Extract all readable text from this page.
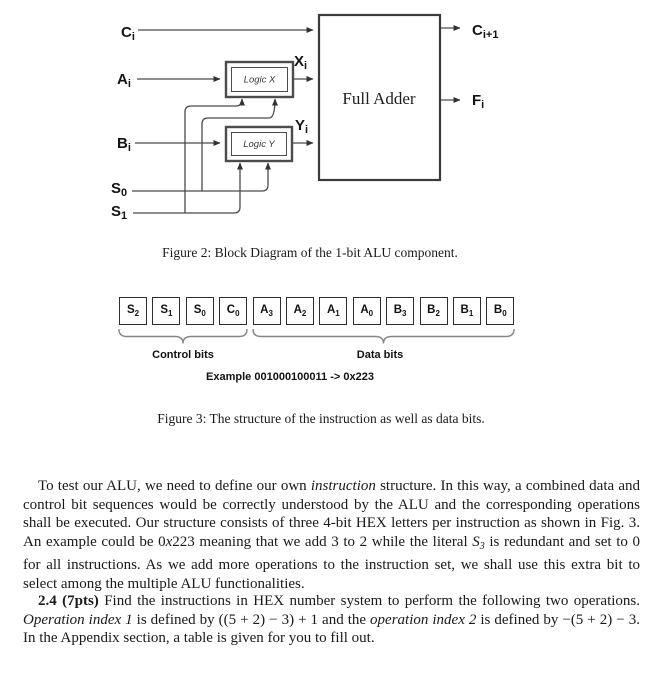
Logic X
Logic Y
Full Adder
$C_i$
$A_i$
$B_i$
$S_0$
$S_1$
$X_i$
$Y_i$
$C_{i+1}$
$F_i$
Figure 2: Block Diagram of the 1-bit ALU component.
S 2 S 1 S 0 C 0 A 3 A 2 A 1 A 0 B 3 B 2 B 1 B 0
Control bits	Data bits
Example 001000100011 -> 0x223
Figure 3: The structure of the instruction as well as data bits.

To test our ALU, we need to define our own instruction structure. In this way, a combined data and control bit sequences would be correctly understood by the ALU and the corresponding operations shall be executed. Our structure consists of three 4-bit HEX letters per instruction as shown in Fig. 3. An example could be 0x223 meaning that we add 3 to 2 while the literal $S_3$ is redundant and set to 0 for all instructions. As we add more operations to the instruction set, we shall use this extra bit to select among the multiple ALU functionalities.

2.4 (7pts) Find the instructions in HEX number system to perform the following two operations. Operation index 1 is defined by ((5 + 2) − 3) + 1 and the operation index 2 is defined by −(5 + 2) − 3. In the Appendix section, a table is given for you to fill out.
